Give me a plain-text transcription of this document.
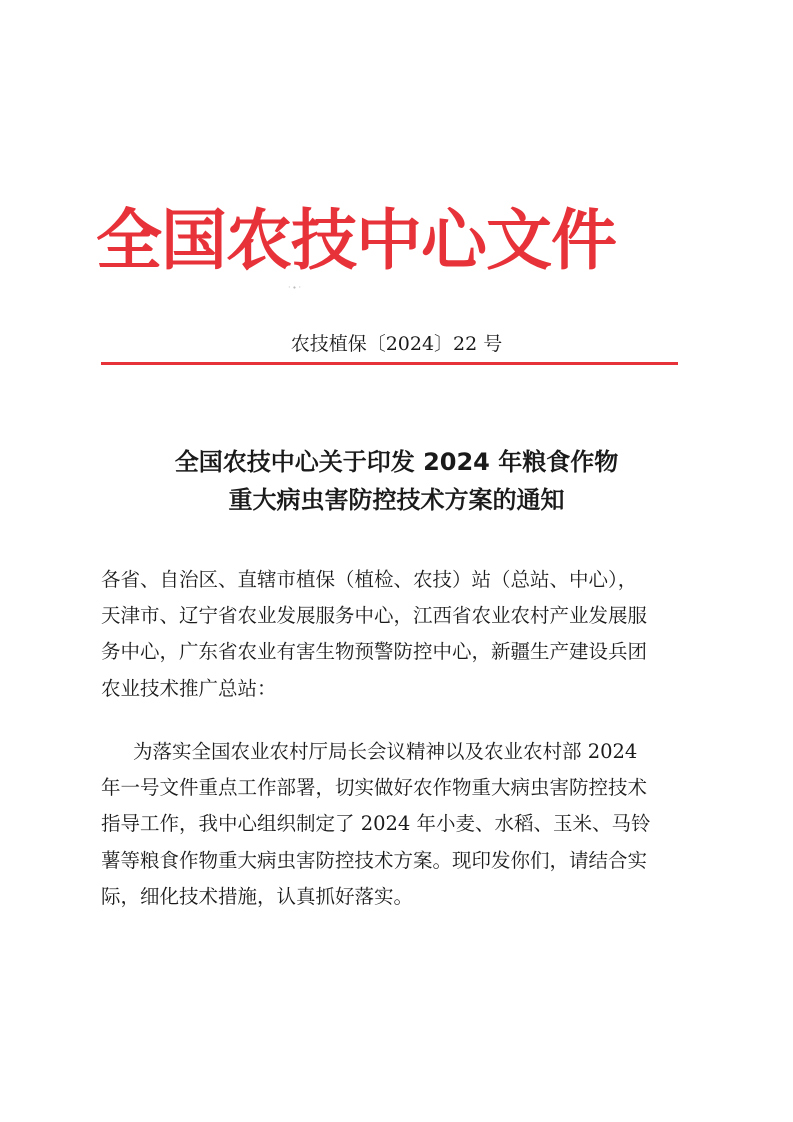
全国农技中心文件
·∙·
农技植保〔2024〕22 号
全国农技中心关于印发 2024 年粮食作物
重大病虫害防控技术方案的通知
各省、自治区、直辖市植保（植检、农技）站（总站、中心），
天津市、辽宁省农业发展服务中心，江西省农业农村产业发展服
务中心，广东省农业有害生物预警防控中心，新疆生产建设兵团
农业技术推广总站：
为落实全国农业农村厅局长会议精神以及农业农村部 2024
年一号文件重点工作部署，切实做好农作物重大病虫害防控技术
指导工作，我中心组织制定了 2024 年小麦、水稻、玉米、马铃
薯等粮食作物重大病虫害防控技术方案。现印发你们，请结合实
际，细化技术措施，认真抓好落实。
